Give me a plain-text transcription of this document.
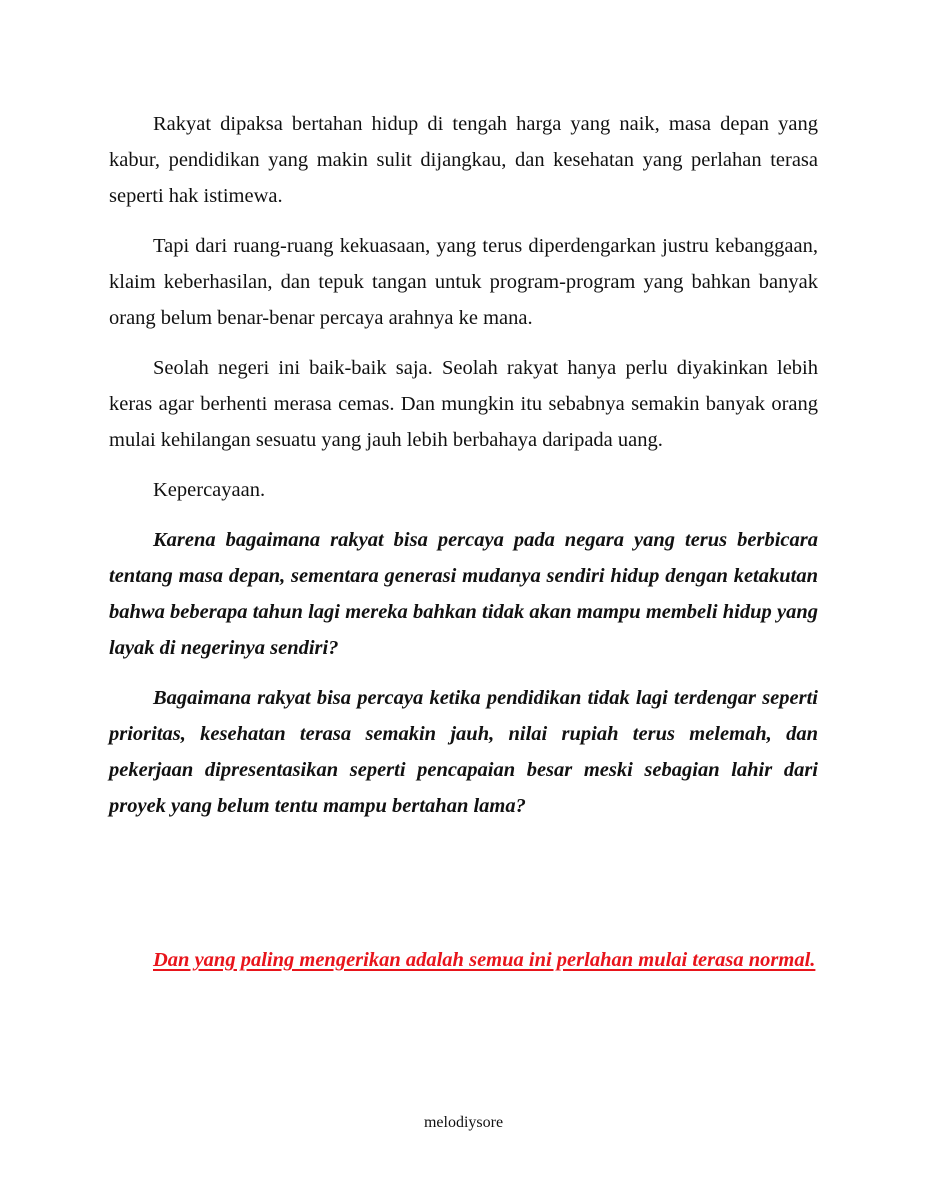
Rakyat dipaksa bertahan hidup di tengah harga yang naik, masa depan yang kabur, pendidikan yang makin sulit dijangkau, dan kesehatan yang perlahan terasa seperti hak istimewa.

Tapi dari ruang-ruang kekuasaan, yang terus diperdengarkan justru kebanggaan, klaim keberhasilan, dan tepuk tangan untuk program-program yang bahkan banyak orang belum benar-benar percaya arahnya ke mana.

Seolah negeri ini baik-baik saja. Seolah rakyat hanya perlu diyakinkan lebih keras agar berhenti merasa cemas. Dan mungkin itu sebabnya semakin banyak orang mulai kehilangan sesuatu yang jauh lebih berbahaya daripada uang.

Kepercayaan.

Karena bagaimana rakyat bisa percaya pada negara yang terus berbicara tentang masa depan, sementara generasi mudanya sendiri hidup dengan ketakutan bahwa beberapa tahun lagi mereka bahkan tidak akan mampu membeli hidup yang layak di negerinya sendiri?

Bagaimana rakyat bisa percaya ketika pendidikan tidak lagi terdengar seperti prioritas, kesehatan terasa semakin jauh, nilai rupiah terus melemah, dan pekerjaan dipresentasikan seperti pencapaian besar meski sebagian lahir dari proyek yang belum tentu mampu bertahan lama?

Dan yang paling mengerikan adalah semua ini perlahan mulai terasa normal.

melodiysore
